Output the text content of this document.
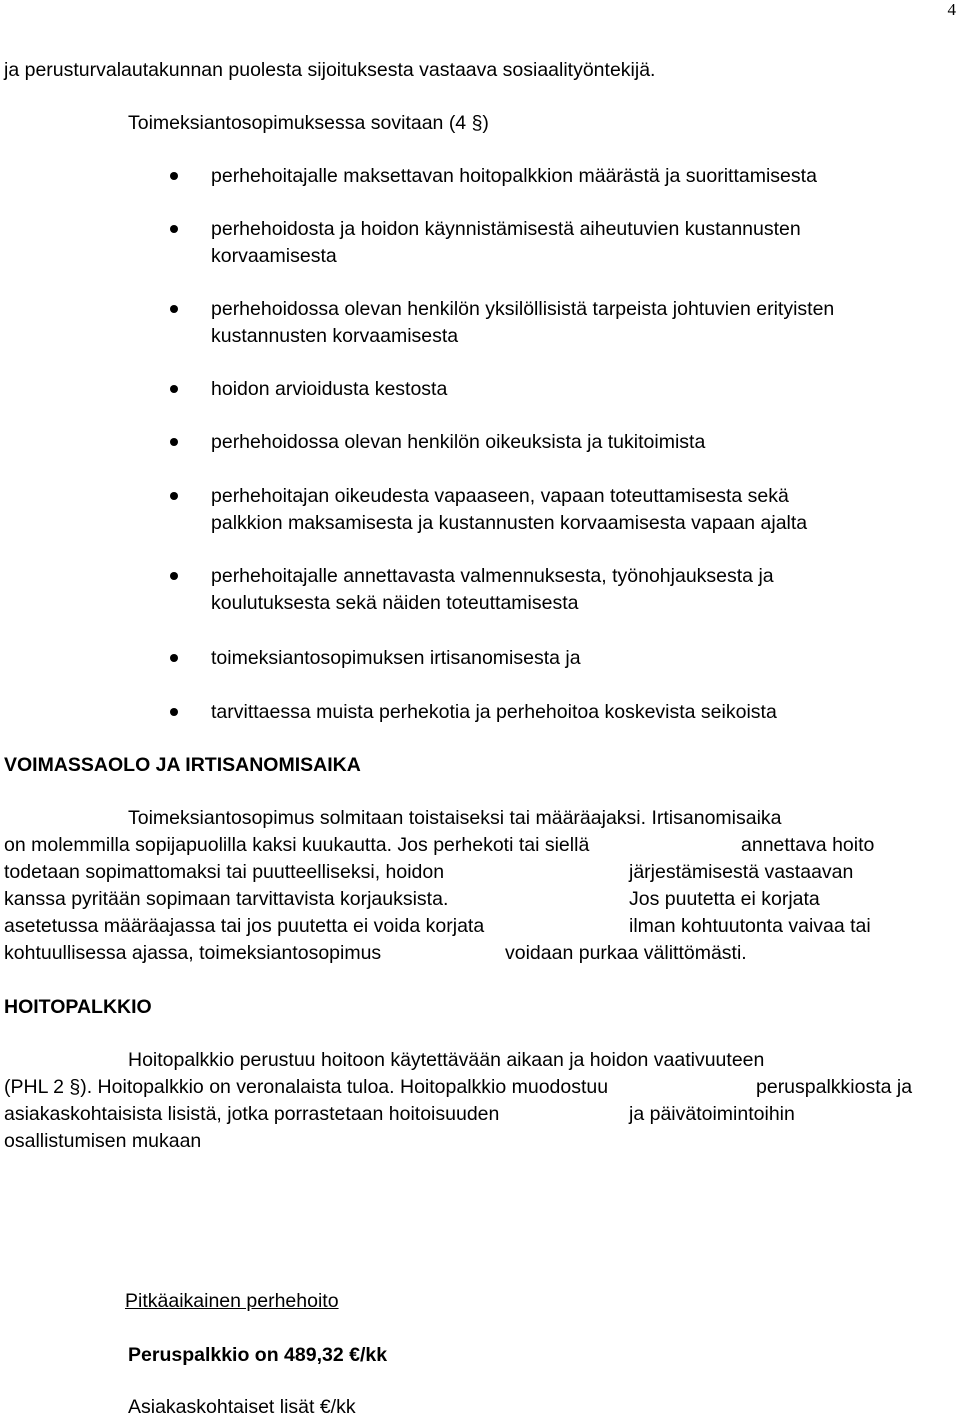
4
ja perusturvalautakunnan puolesta sijoituksesta vastaava sosiaalityöntekijä.
Toimeksiantosopimuksessa sovitaan (4 §)
perhehoitajalle maksettavan hoitopalkkion määrästä ja suorittamisesta
perhehoidosta ja hoidon käynnistämisestä aiheutuvien kustannusten
korvaamisesta
perhehoidossa olevan henkilön yksilöllisistä tarpeista johtuvien erityisten
kustannusten korvaamisesta
hoidon arvioidusta kestosta
perhehoidossa olevan henkilön oikeuksista ja tukitoimista
perhehoitajan oikeudesta vapaaseen, vapaan toteuttamisesta sekä
palkkion maksamisesta ja kustannusten korvaamisesta vapaan ajalta
perhehoitajalle annettavasta valmennuksesta, työnohjauksesta ja
koulutuksesta sekä näiden toteuttamisesta
toimeksiantosopimuksen irtisanomisesta ja
tarvittaessa muista perhekotia ja perhehoitoa koskevista seikoista
VOIMASSAOLO JA IRTISANOMISAIKA
Toimeksiantosopimus solmitaan toistaiseksi tai määräajaksi. Irtisanomisaika
on molemmilla sopijapuolilla kaksi kuukautta. Jos perhekoti tai siellä	annettava hoito
todetaan sopimattomaksi tai puutteelliseksi, hoidon	järjestämisestä vastaavan
kanssa pyritään sopimaan tarvittavista korjauksista.	Jos puutetta ei korjata
asetetussa määräajassa tai jos puutetta ei voida korjata	ilman kohtuutonta vaivaa tai
kohtuullisessa ajassa, toimeksiantosopimus	voidaan purkaa välittömästi.
HOITOPALKKIO
Hoitopalkkio perustuu hoitoon käytettävään aikaan ja hoidon vaativuuteen
(PHL 2 §). Hoitopalkkio on veronalaista tuloa. Hoitopalkkio muodostuu	peruspalkkiosta ja
asiakaskohtaisista lisistä, jotka porrastetaan hoitoisuuden	ja päivätoimintoihin
osallistumisen mukaan
Pitkäaikainen perhehoito
Peruspalkkio on 489,32 €/kk
Asiakaskohtaiset lisät €/kk
